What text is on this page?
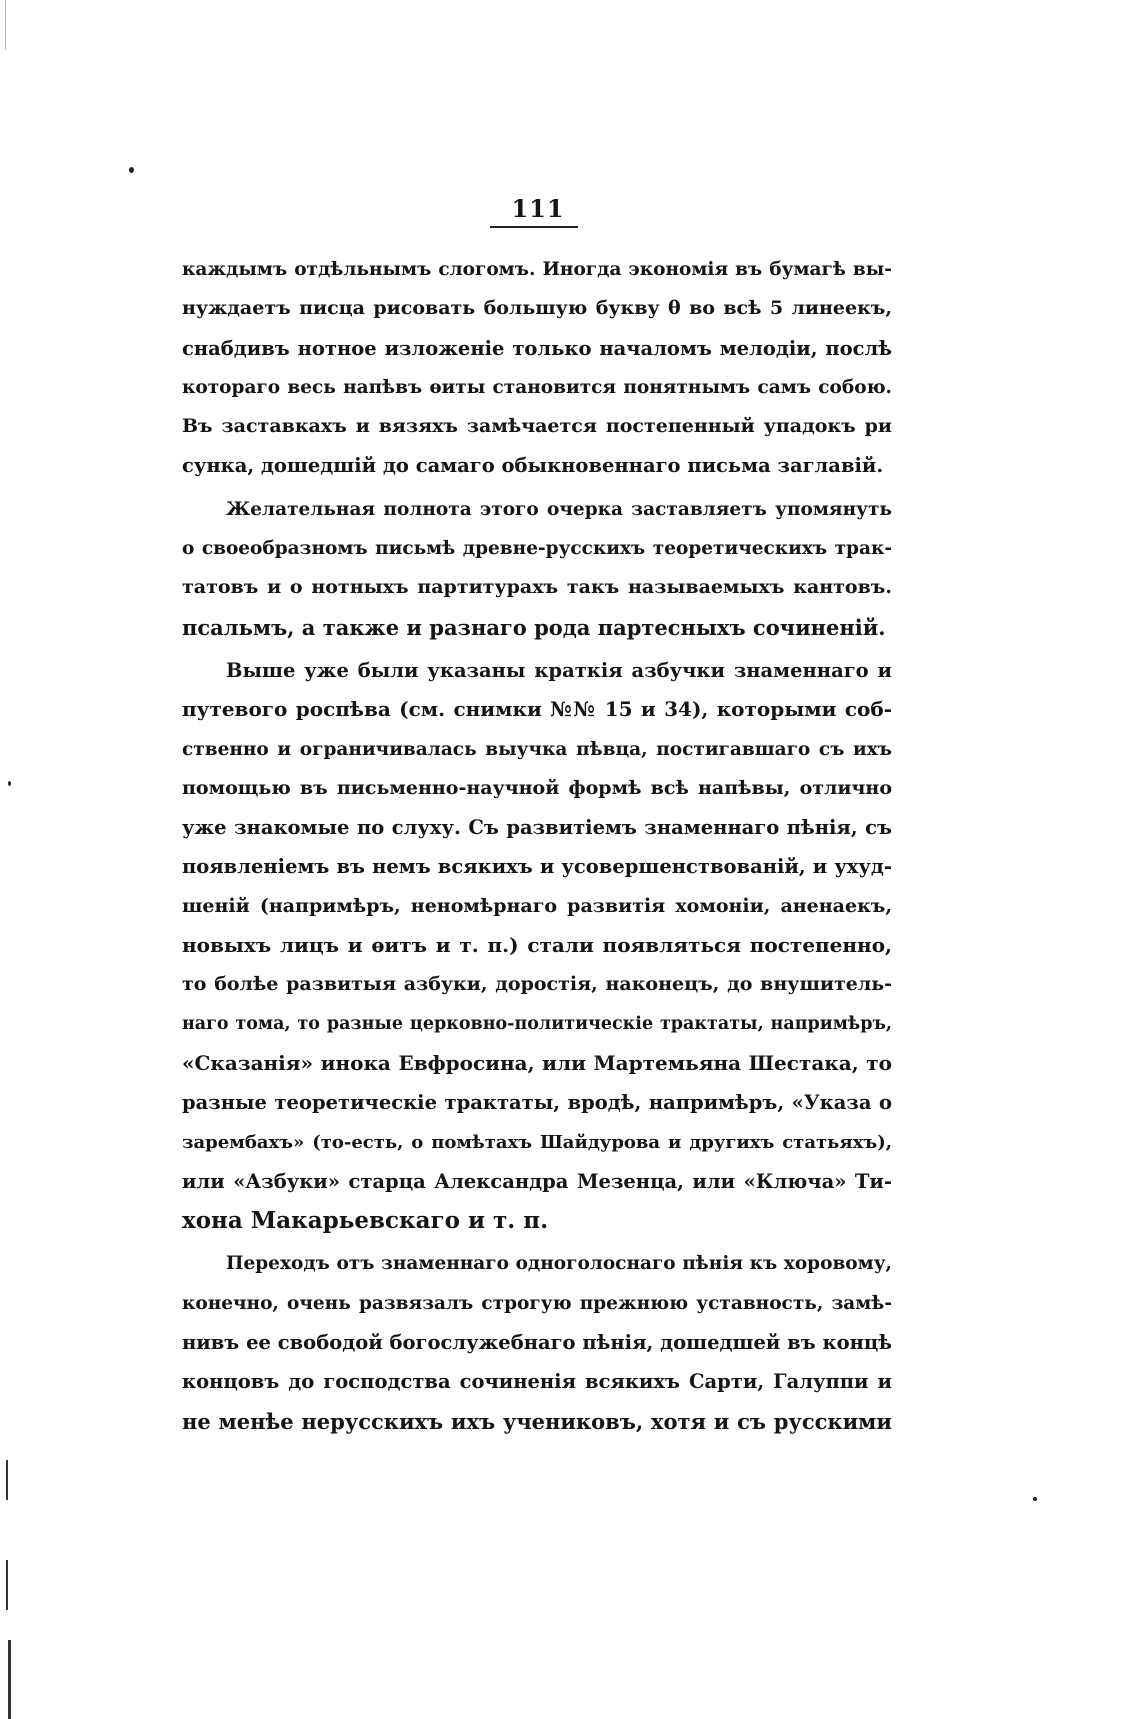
111
каждымъ отдѣльнымъ слогомъ. Иногда экономія въ бумагѣ вы-
нуждаетъ писца рисовать большую букву θ во всѣ 5 линеекъ,
снабдивъ нотное изложеніе только началомъ мелодіи, послѣ
котораго весь напѣвъ ѳиты становится понятнымъ самъ собою.
Въ заставкахъ и вязяхъ замѣчается постепенный упадокъ ри
сунка, дошедшій до самаго обыкновеннаго письма заглавій.
Желательная полнота этого очерка заставляетъ упомянуть
о своеобразномъ письмѣ древне-русскихъ теоретическихъ трак-
татовъ и о нотныхъ партитурахъ такъ называемыхъ кантовъ.
псальмъ, а также и разнаго рода партесныхъ сочиненій.
Выше уже были указаны краткія азбучки знаменнаго и
путевого роспѣва (см. снимки №№ 15 и 34), которыми соб-
ственно и ограничивалась выучка пѣвца, постигавшаго съ ихъ
помощью въ письменно-научной формѣ всѣ напѣвы, отлично
уже знакомые по слуху. Съ развитіемъ знаменнаго пѣнія, съ
появленіемъ въ немъ всякихъ и усовершенствованій, и ухуд-
шеній (напримѣръ, неномѣрнаго развитія хомоніи, аненаекъ,
новыхъ лицъ и ѳитъ и т. п.) стали появляться постепенно,
то болѣе развитыя азбуки, доростія, наконецъ, до внушитель-
наго тома, то разные церковно-политическіе трактаты, напримѣръ,
«Сказанія» инока Евфросина, или Мартемьяна Шестака, то
разные теоретическіе трактаты, вродѣ, напримѣръ, «Указа о
зарембахъ» (то-есть, о помѣтахъ Шайдурова и другихъ статьяхъ),
или «Азбуки» старца Александра Мезенца, или «Ключа» Ти-
хона Макарьевскаго и т. п.
Переходъ отъ знаменнаго одноголоснаго пѣнія къ хоровому,
конечно, очень развязалъ строгую прежнюю уставность, замѣ-
нивъ ее свободой богослужебнаго пѣнія, дошедшей въ концѣ
концовъ до господства сочиненія всякихъ Сарти, Галуппи и
не менѣе нерусскихъ ихъ учениковъ, хотя и съ русскими
